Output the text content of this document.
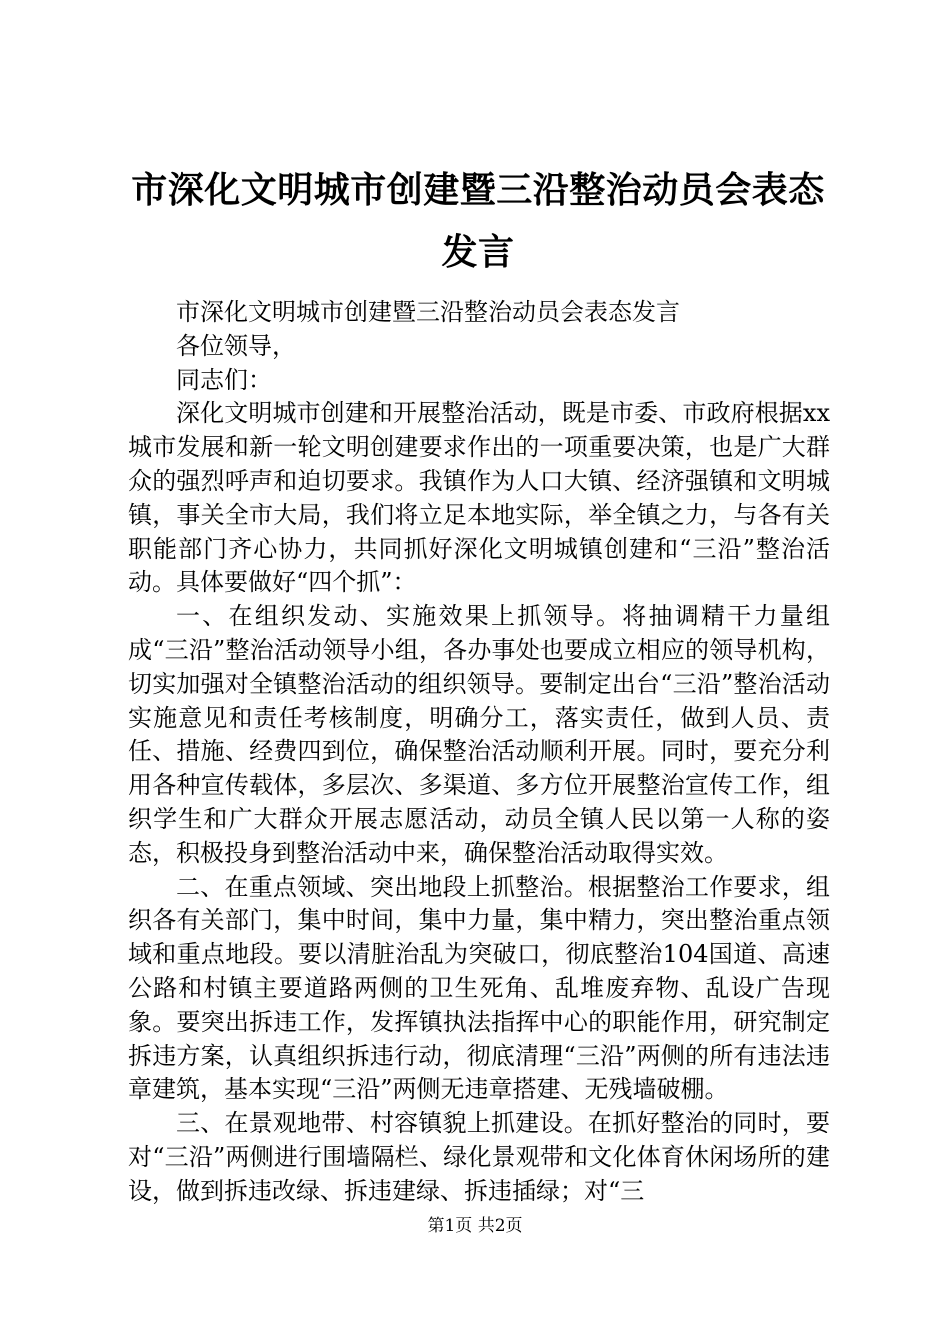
市深化文明城市创建暨三沿整治动员会表态发言

市深化文明城市创建暨三沿整治动员会表态发言

各位领导，

同志们：

深化文明城市创建和开展整治活动，既是市委、市政府根据xx城市发展和新一轮文明创建要求作出的一项重要决策，也是广大群众的强烈呼声和迫切要求。我镇作为人口大镇、经济强镇和文明城镇，事关全市大局，我们将立足本地实际，举全镇之力，与各有关职能部门齐心协力，共同抓好深化文明城镇创建和“三沿”整治活动。具体要做好“四个抓”：

一、在组织发动、实施效果上抓领导。将抽调精干力量组成“三沿”整治活动领导小组，各办事处也要成立相应的领导机构，切实加强对全镇整治活动的组织领导。要制定出台“三沿”整治活动实施意见和责任考核制度，明确分工，落实责任，做到人员、责任、措施、经费四到位，确保整治活动顺利开展。同时，要充分利用各种宣传载体，多层次、多渠道、多方位开展整治宣传工作，组织学生和广大群众开展志愿活动，动员全镇人民以第一人称的姿态，积极投身到整治活动中来，确保整治活动取得实效。

二、在重点领域、突出地段上抓整治。根据整治工作要求，组织各有关部门，集中时间，集中力量，集中精力，突出整治重点领域和重点地段。要以清脏治乱为突破口，彻底整治104国道、高速公路和村镇主要道路两侧的卫生死角、乱堆废弃物、乱设广告现象。要突出拆违工作，发挥镇执法指挥中心的职能作用，研究制定拆违方案，认真组织拆违行动，彻底清理“三沿”两侧的所有违法违章建筑，基本实现“三沿”两侧无违章搭建、无残墙破棚。

三、在景观地带、村容镇貌上抓建设。在抓好整治的同时，要对“三沿”两侧进行围墙隔栏、绿化景观带和文化体育休闲场所的建设，做到拆违改绿、拆违建绿、拆违插绿；对“三

第1页 共2页
